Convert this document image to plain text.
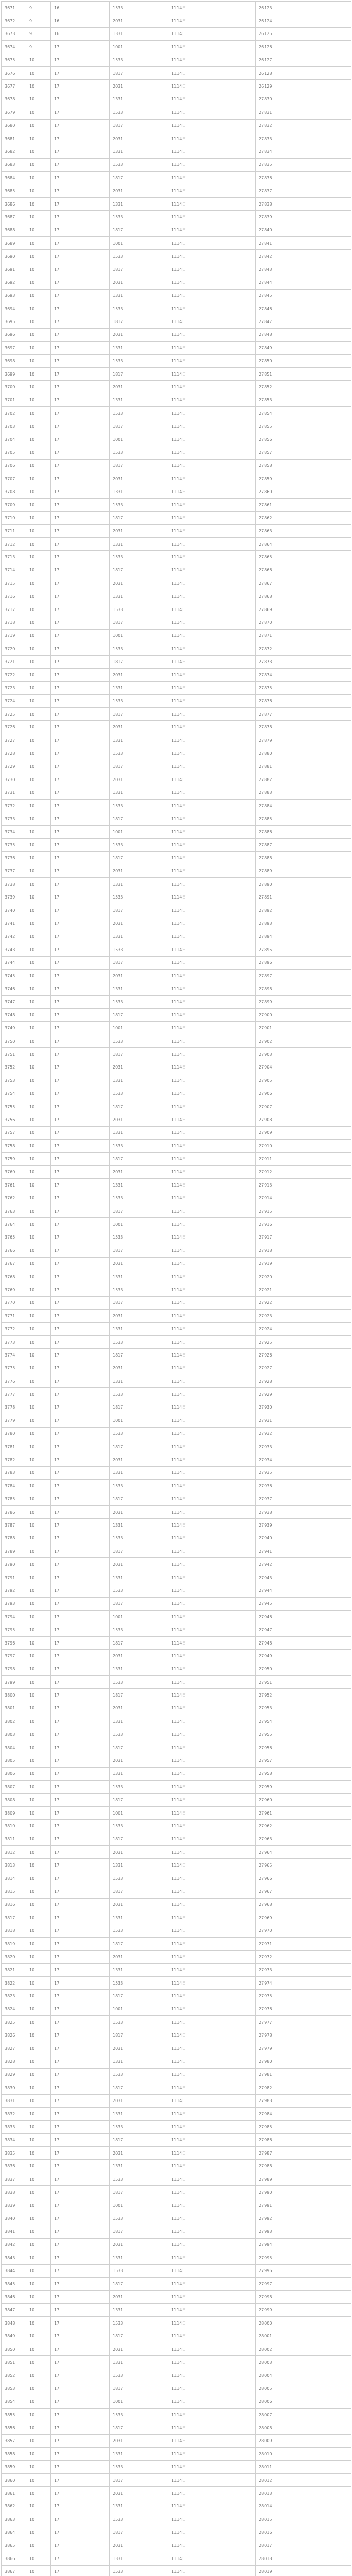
3671	9	16	1533	1114日	26123
3672	9	16	2031	1114日	26124
3673	9	16	1331	1114日	26125
3674	9	17	1001	1114日	26126
3675	10	17	1533	1114日	26127
3676	10	17	1817	1114日	26128
3677	10	17	2031	1114日	26129
3678	10	17	1331	1114日	27830
3679	10	17	1533	1114日	27831
3680	10	17	1817	1114日	27832
3681	10	17	2031	1114日	27833
3682	10	17	1331	1114日	27834
3683	10	17	1533	1114日	27835
3684	10	17	1817	1114日	27836
3685	10	17	2031	1114日	27837
3686	10	17	1331	1114日	27838
3687	10	17	1533	1114日	27839
3688	10	17	1817	1114日	27840
3689	10	17	1001	1114日	27841
3690	10	17	1533	1114日	27842
3691	10	17	1817	1114日	27843
3692	10	17	2031	1114日	27844
3693	10	17	1331	1114日	27845
3694	10	17	1533	1114日	27846
3695	10	17	1817	1114日	27847
3696	10	17	2031	1114日	27848
3697	10	17	1331	1114日	27849
3698	10	17	1533	1114日	27850
3699	10	17	1817	1114日	27851
3700	10	17	2031	1114日	27852
3701	10	17	1331	1114日	27853
3702	10	17	1533	1114日	27854
3703	10	17	1817	1114日	27855
3704	10	17	1001	1114日	27856
3705	10	17	1533	1114日	27857
3706	10	17	1817	1114日	27858
3707	10	17	2031	1114日	27859
3708	10	17	1331	1114日	27860
3709	10	17	1533	1114日	27861
3710	10	17	1817	1114日	27862
3711	10	17	2031	1114日	27863
3712	10	17	1331	1114日	27864
3713	10	17	1533	1114日	27865
3714	10	17	1817	1114日	27866
3715	10	17	2031	1114日	27867
3716	10	17	1331	1114日	27868
3717	10	17	1533	1114日	27869
3718	10	17	1817	1114日	27870
3719	10	17	1001	1114日	27871
3720	10	17	1533	1114日	27872
3721	10	17	1817	1114日	27873
3722	10	17	2031	1114日	27874
3723	10	17	1331	1114日	27875
3724	10	17	1533	1114日	27876
3725	10	17	1817	1114日	27877
3726	10	17	2031	1114日	27878
3727	10	17	1331	1114日	27879
3728	10	17	1533	1114日	27880
3729	10	17	1817	1114日	27881
3730	10	17	2031	1114日	27882
3731	10	17	1331	1114日	27883
3732	10	17	1533	1114日	27884
3733	10	17	1817	1114日	27885
3734	10	17	1001	1114日	27886
3735	10	17	1533	1114日	27887
3736	10	17	1817	1114日	27888
3737	10	17	2031	1114日	27889
3738	10	17	1331	1114日	27890
3739	10	17	1533	1114日	27891
3740	10	17	1817	1114日	27892
3741	10	17	2031	1114日	27893
3742	10	17	1331	1114日	27894
3743	10	17	1533	1114日	27895
3744	10	17	1817	1114日	27896
3745	10	17	2031	1114日	27897
3746	10	17	1331	1114日	27898
3747	10	17	1533	1114日	27899
3748	10	17	1817	1114日	27900
3749	10	17	1001	1114日	27901
3750	10	17	1533	1114日	27902
3751	10	17	1817	1114日	27903
3752	10	17	2031	1114日	27904
3753	10	17	1331	1114日	27905
3754	10	17	1533	1114日	27906
3755	10	17	1817	1114日	27907
3756	10	17	2031	1114日	27908
3757	10	17	1331	1114日	27909
3758	10	17	1533	1114日	27910
3759	10	17	1817	1114日	27911
3760	10	17	2031	1114日	27912
3761	10	17	1331	1114日	27913
3762	10	17	1533	1114日	27914
3763	10	17	1817	1114日	27915
3764	10	17	1001	1114日	27916
3765	10	17	1533	1114日	27917
3766	10	17	1817	1114日	27918
3767	10	17	2031	1114日	27919
3768	10	17	1331	1114日	27920
3769	10	17	1533	1114日	27921
3770	10	17	1817	1114日	27922
3771	10	17	2031	1114日	27923
3772	10	17	1331	1114日	27924
3773	10	17	1533	1114日	27925
3774	10	17	1817	1114日	27926
3775	10	17	2031	1114日	27927
3776	10	17	1331	1114日	27928
3777	10	17	1533	1114日	27929
3778	10	17	1817	1114日	27930
3779	10	17	1001	1114日	27931
3780	10	17	1533	1114日	27932
3781	10	17	1817	1114日	27933
3782	10	17	2031	1114日	27934
3783	10	17	1331	1114日	27935
3784	10	17	1533	1114日	27936
3785	10	17	1817	1114日	27937
3786	10	17	2031	1114日	27938
3787	10	17	1331	1114日	27939
3788	10	17	1533	1114日	27940
3789	10	17	1817	1114日	27941
3790	10	17	2031	1114日	27942
3791	10	17	1331	1114日	27943
3792	10	17	1533	1114日	27944
3793	10	17	1817	1114日	27945
3794	10	17	1001	1114日	27946
3795	10	17	1533	1114日	27947
3796	10	17	1817	1114日	27948
3797	10	17	2031	1114日	27949
3798	10	17	1331	1114日	27950
3799	10	17	1533	1114日	27951
3800	10	17	1817	1114日	27952
3801	10	17	2031	1114日	27953
3802	10	17	1331	1114日	27954
3803	10	17	1533	1114日	27955
3804	10	17	1817	1114日	27956
3805	10	17	2031	1114日	27957
3806	10	17	1331	1114日	27958
3807	10	17	1533	1114日	27959
3808	10	17	1817	1114日	27960
3809	10	17	1001	1114日	27961
3810	10	17	1533	1114日	27962
3811	10	17	1817	1114日	27963
3812	10	17	2031	1114日	27964
3813	10	17	1331	1114日	27965
3814	10	17	1533	1114日	27966
3815	10	17	1817	1114日	27967
3816	10	17	2031	1114日	27968
3817	10	17	1331	1114日	27969
3818	10	17	1533	1114日	27970
3819	10	17	1817	1114日	27971
3820	10	17	2031	1114日	27972
3821	10	17	1331	1114日	27973
3822	10	17	1533	1114日	27974
3823	10	17	1817	1114日	27975
3824	10	17	1001	1114日	27976
3825	10	17	1533	1114日	27977
3826	10	17	1817	1114日	27978
3827	10	17	2031	1114日	27979
3828	10	17	1331	1114日	27980
3829	10	17	1533	1114日	27981
3830	10	17	1817	1114日	27982
3831	10	17	2031	1114日	27983
3832	10	17	1331	1114日	27984
3833	10	17	1533	1114日	27985
3834	10	17	1817	1114日	27986
3835	10	17	2031	1114日	27987
3836	10	17	1331	1114日	27988
3837	10	17	1533	1114日	27989
3838	10	17	1817	1114日	27990
3839	10	17	1001	1114日	27991
3840	10	17	1533	1114日	27992
3841	10	17	1817	1114日	27993
3842	10	17	2031	1114日	27994
3843	10	17	1331	1114日	27995
3844	10	17	1533	1114日	27996
3845	10	17	1817	1114日	27997
3846	10	17	2031	1114日	27998
3847	10	17	1331	1114日	27999
3848	10	17	1533	1114日	28000
3849	10	17	1817	1114日	28001
3850	10	17	2031	1114日	28002
3851	10	17	1331	1114日	28003
3852	10	17	1533	1114日	28004
3853	10	17	1817	1114日	28005
3854	10	17	1001	1114日	28006
3855	10	17	1533	1114日	28007
3856	10	17	1817	1114日	28008
3857	10	17	2031	1114日	28009
3858	10	17	1331	1114日	28010
3859	10	17	1533	1114日	28011
3860	10	17	1817	1114日	28012
3861	10	17	2031	1114日	28013
3862	10	17	1331	1114日	28014
3863	10	17	1533	1114日	28015
3864	10	17	1817	1114日	28016
3865	10	17	2031	1114日	28017
3866	10	17	1331	1114日	28018
3867	10	17	1533	1114日	28019
